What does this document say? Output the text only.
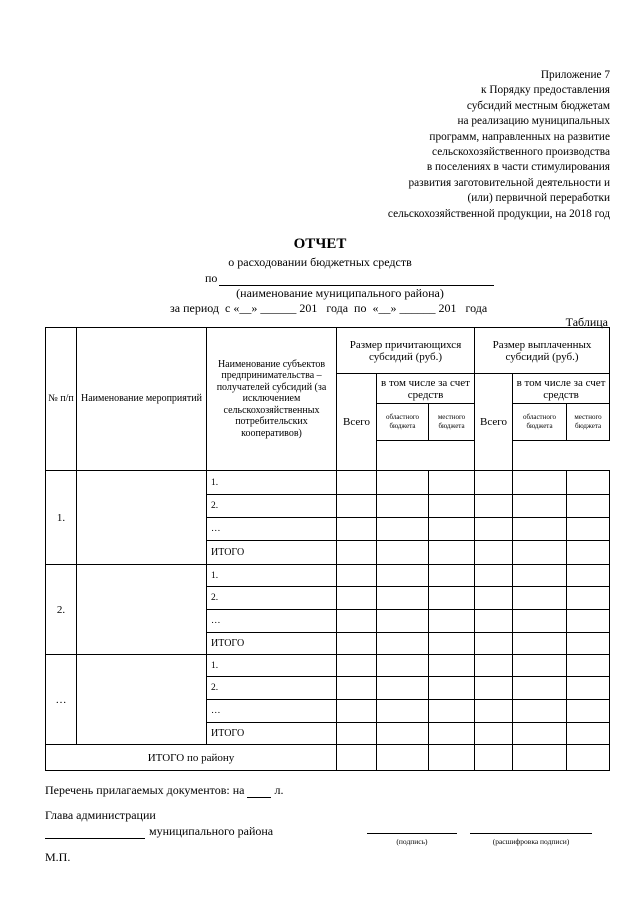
Приложение 7
к Порядку предоставления
субсидий местным бюджетам
на реализацию муниципальных
программ, направленных на развитие
сельскохозяйственного производства
в поселениях в части стимулирования
развития заготовительной деятельности и
(или) первичной переработки
сельскохозяйственной продукции, на 2018 год
ОТЧЕТ
о расходовании бюджетных средств
по
(наименование муниципального района)
за период  с «__» ______ 201   года  по  «__» ______ 201   года
Таблица
№ п/п	Наименование мероприятий	Наименование субъектов предпринимательства – получателей субсидий (за исключением сельскохозяйственных потребительских кооперативов)	Размер причитающихся субсидий (руб.)			Размер выплаченных субсидий (руб.)		
			Всего	в том числе за счет средств		Всего	в том числе за счет средств	
				областного бюджета	местного бюджета		областного бюджета	местного бюджета

1.		1.						
		2.						
		…						
		ИТОГО						
2.		1.						
		2.						
		…						
		ИТОГО						
…		1.						
		2.						
		…						
		ИТОГО						
ИТОГО по району								
Перечень прилагаемых документов: на  л.
Глава администрации
муниципального района
(подпись)	(расшифровка подписи)
М.П.
